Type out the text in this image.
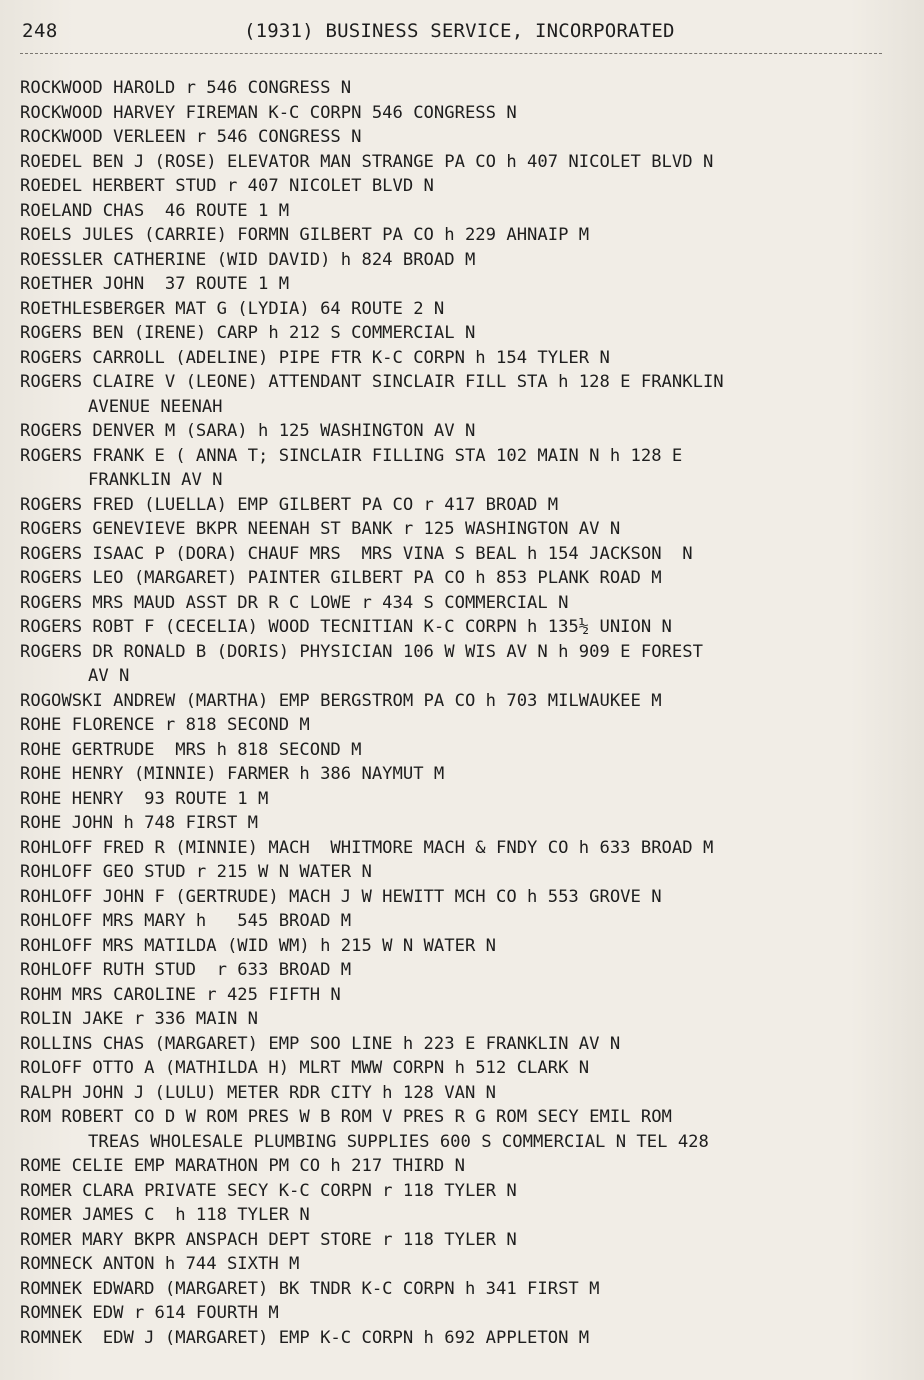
248	(1931) BUSINESS SERVICE, INCORPORATED
ROCKWOOD HAROLD r 546 CONGRESS N
ROCKWOOD HARVEY FIREMAN K-C CORPN 546 CONGRESS N
ROCKWOOD VERLEEN r 546 CONGRESS N
ROEDEL BEN J (ROSE) ELEVATOR MAN STRANGE PA CO h 407 NICOLET BLVD N
ROEDEL HERBERT STUD r 407 NICOLET BLVD N
ROELAND CHAS  46 ROUTE 1 M
ROELS JULES (CARRIE) FORMN GILBERT PA CO h 229 AHNAIP M
ROESSLER CATHERINE (WID DAVID) h 824 BROAD M
ROETHER JOHN  37 ROUTE 1 M
ROETHLESBERGER MAT G (LYDIA) 64 ROUTE 2 N
ROGERS BEN (IRENE) CARP h 212 S COMMERCIAL N
ROGERS CARROLL (ADELINE) PIPE FTR K-C CORPN h 154 TYLER N
ROGERS CLAIRE V (LEONE) ATTENDANT SINCLAIR FILL STA h 128 E FRANKLIN
AVENUE NEENAH
ROGERS DENVER M (SARA) h 125 WASHINGTON AV N
ROGERS FRANK E ( ANNA T; SINCLAIR FILLING STA 102 MAIN N h 128 E
FRANKLIN AV N
ROGERS FRED (LUELLA) EMP GILBERT PA CO r 417 BROAD M
ROGERS GENEVIEVE BKPR NEENAH ST BANK r 125 WASHINGTON AV N
ROGERS ISAAC P (DORA) CHAUF MRS  MRS VINA S BEAL h 154 JACKSON  N
ROGERS LEO (MARGARET) PAINTER GILBERT PA CO h 853 PLANK ROAD M
ROGERS MRS MAUD ASST DR R C LOWE r 434 S COMMERCIAL N
ROGERS ROBT F (CECELIA) WOOD TECNITIAN K-C CORPN h 135½ UNION N
ROGERS DR RONALD B (DORIS) PHYSICIAN 106 W WIS AV N h 909 E FOREST
AV N
ROGOWSKI ANDREW (MARTHA) EMP BERGSTROM PA CO h 703 MILWAUKEE M
ROHE FLORENCE r 818 SECOND M
ROHE GERTRUDE  MRS h 818 SECOND M
ROHE HENRY (MINNIE) FARMER h 386 NAYMUT M
ROHE HENRY  93 ROUTE 1 M
ROHE JOHN h 748 FIRST M
ROHLOFF FRED R (MINNIE) MACH  WHITMORE MACH & FNDY CO h 633 BROAD M
ROHLOFF GEO STUD r 215 W N WATER N
ROHLOFF JOHN F (GERTRUDE) MACH J W HEWITT MCH CO h 553 GROVE N
ROHLOFF MRS MARY h   545 BROAD M
ROHLOFF MRS MATILDA (WID WM) h 215 W N WATER N
ROHLOFF RUTH STUD  r 633 BROAD M
ROHM MRS CAROLINE r 425 FIFTH N
ROLIN JAKE r 336 MAIN N
ROLLINS CHAS (MARGARET) EMP SOO LINE h 223 E FRANKLIN AV N
ROLOFF OTTO A (MATHILDA H) MLRT MWW CORPN h 512 CLARK N
RALPH JOHN J (LULU) METER RDR CITY h 128 VAN N
ROM ROBERT CO D W ROM PRES W B ROM V PRES R G ROM SECY EMIL ROM
TREAS WHOLESALE PLUMBING SUPPLIES 600 S COMMERCIAL N TEL 428
ROME CELIE EMP MARATHON PM CO h 217 THIRD N
ROMER CLARA PRIVATE SECY K-C CORPN r 118 TYLER N
ROMER JAMES C  h 118 TYLER N
ROMER MARY BKPR ANSPACH DEPT STORE r 118 TYLER N
ROMNECK ANTON h 744 SIXTH M
ROMNEK EDWARD (MARGARET) BK TNDR K-C CORPN h 341 FIRST M
ROMNEK EDW r 614 FOURTH M
ROMNEK  EDW J (MARGARET) EMP K-C CORPN h 692 APPLETON M
